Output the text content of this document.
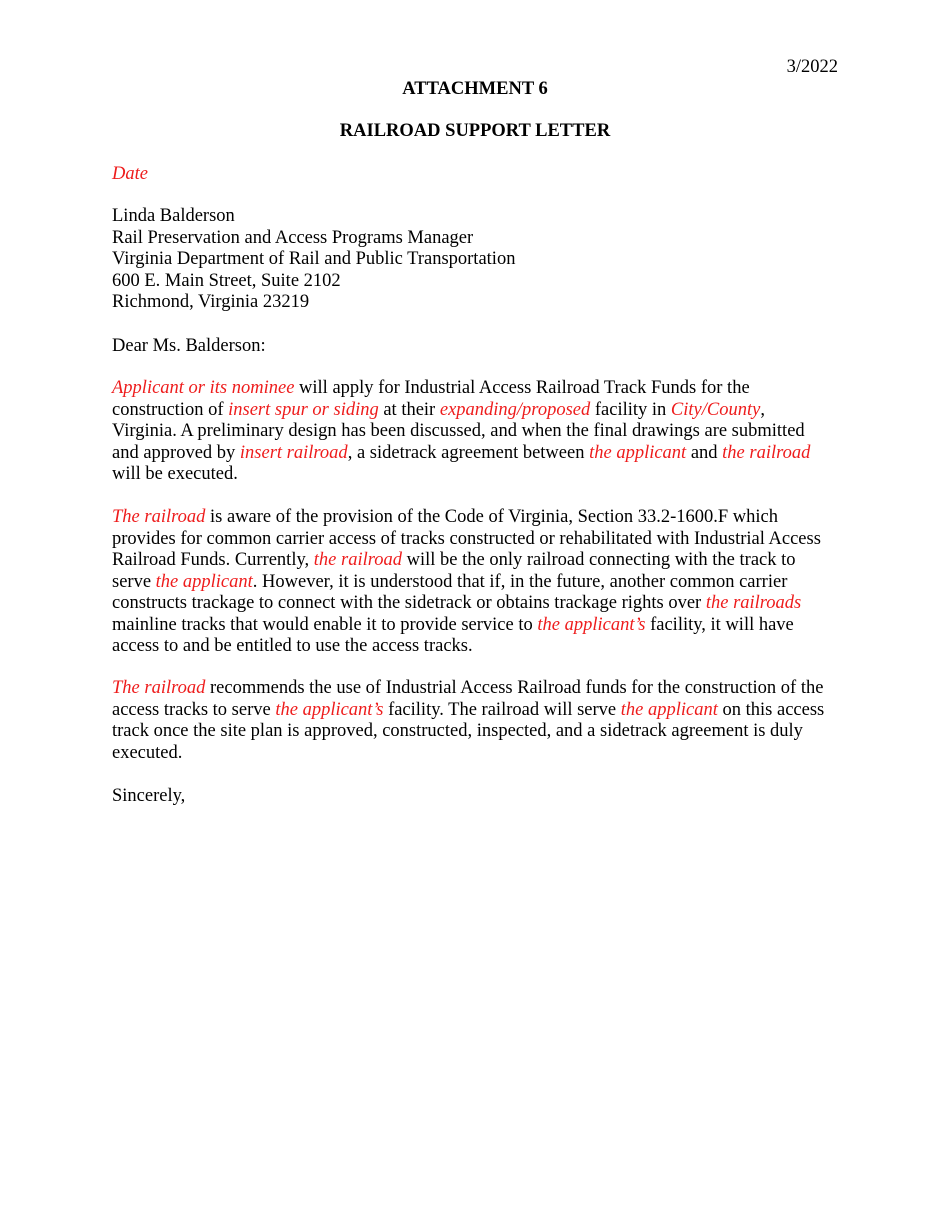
3/2022

ATTACHMENT 6

RAILROAD SUPPORT LETTER

Date

Linda Balderson
Rail Preservation and Access Programs Manager
Virginia Department of Rail and Public Transportation
600 E. Main Street, Suite 2102
Richmond, Virginia 23219

Dear Ms. Balderson:

Applicant or its nominee will apply for Industrial Access Railroad Track Funds for the
construction of insert spur or siding at their expanding/proposed facility in City/County,
Virginia. A preliminary design has been discussed, and when the final drawings are submitted
and approved by insert railroad, a sidetrack agreement between the applicant and the railroad
will be executed.
The railroad is aware of the provision of the Code of Virginia, Section 33.2-1600.F which
provides for common carrier access of tracks constructed or rehabilitated with Industrial Access
Railroad Funds. Currently, the railroad will be the only railroad connecting with the track to
serve the applicant. However, it is understood that if, in the future, another common carrier
constructs trackage to connect with the sidetrack or obtains trackage rights over the railroads
mainline tracks that would enable it to provide service to the applicant’s facility, it will have
access to and be entitled to use the access tracks.
The railroad recommends the use of Industrial Access Railroad funds for the construction of the
access tracks to serve the applicant’s facility. The railroad will serve the applicant on this access
track once the site plan is approved, constructed, inspected, and a sidetrack agreement is duly
executed.

Sincerely,
